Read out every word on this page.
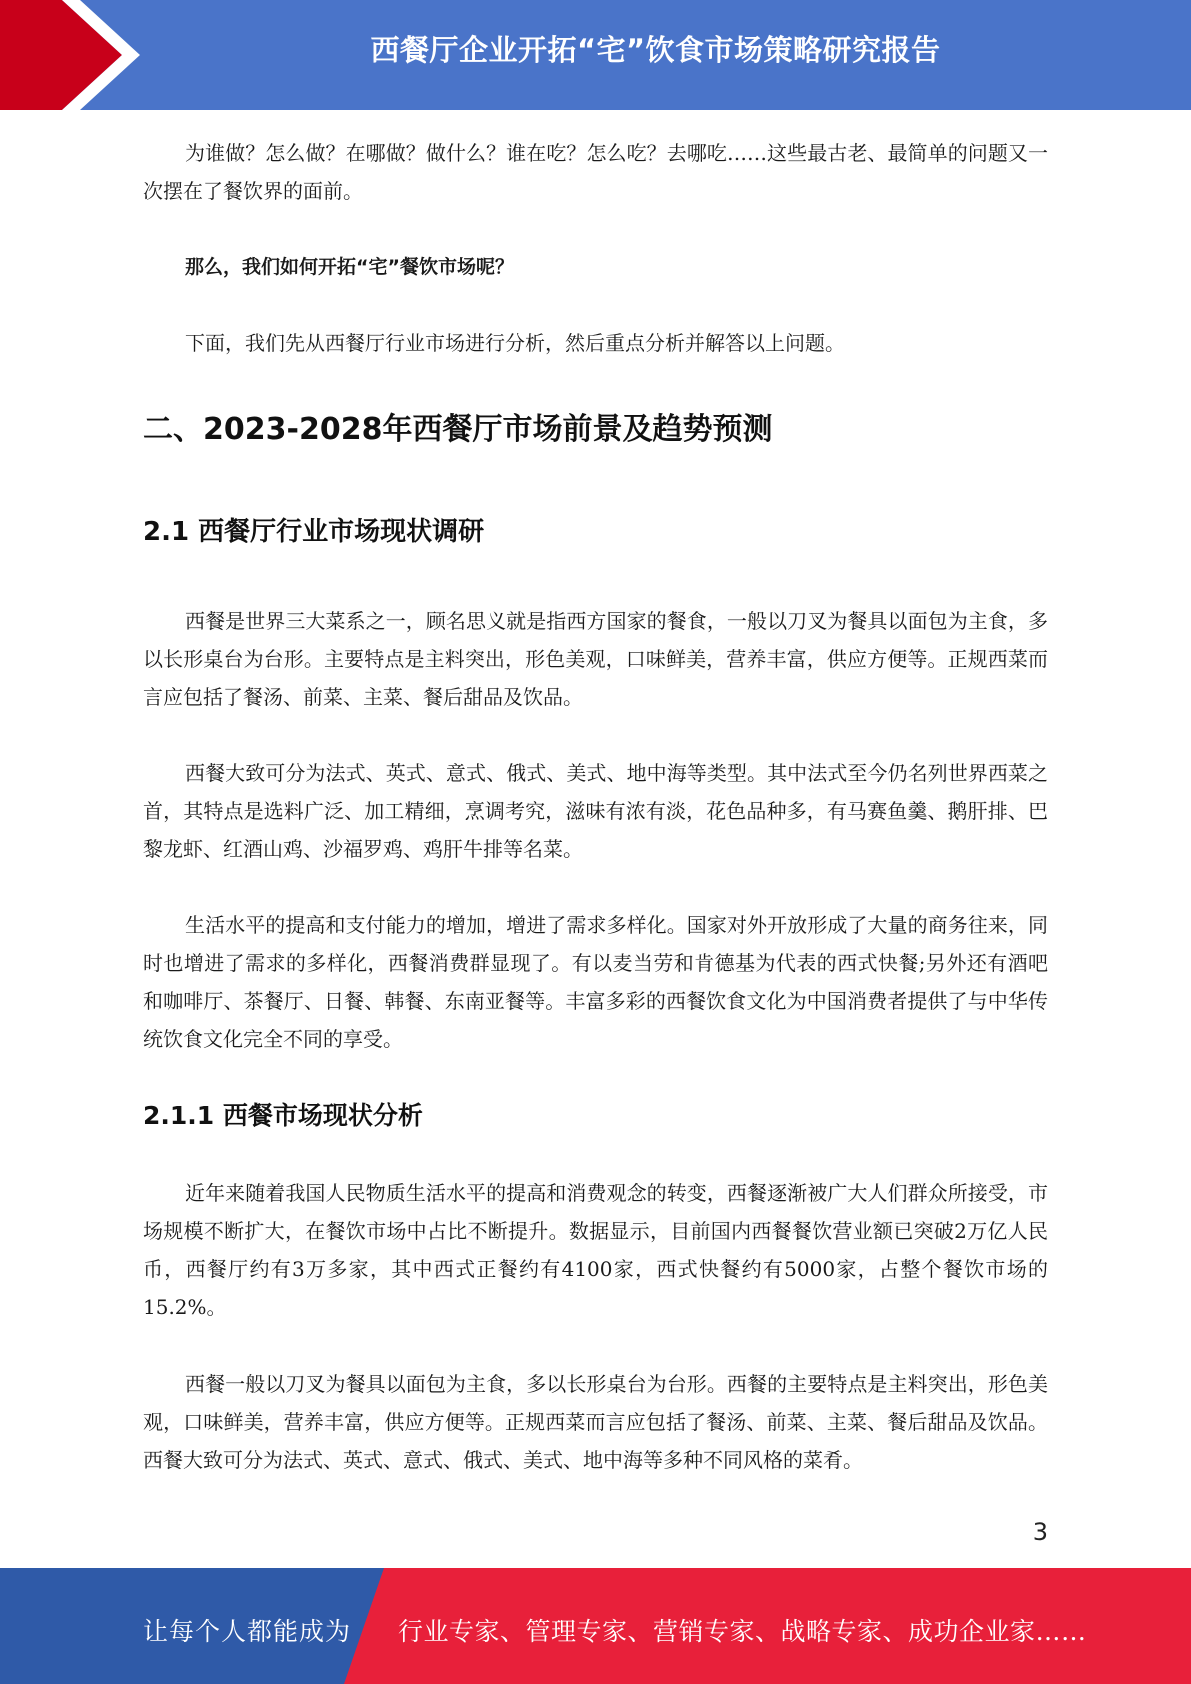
西餐厅企业开拓“宅”饮食市场策略研究报告

为谁做？怎么做？在哪做？做什么？谁在吃？怎么吃？去哪吃……这些最古老、最简单的问题又一次摆在了餐饮界的面前。

那么，我们如何开拓“宅”餐饮市场呢？

下面，我们先从西餐厅行业市场进行分析，然后重点分析并解答以上问题。

二、2023-2028年西餐厅市场前景及趋势预测
2.1 西餐厅行业市场现状调研

西餐是世界三大菜系之一，顾名思义就是指西方国家的餐食，一般以刀叉为餐具以面包为主食，多以长形桌台为台形。主要特点是主料突出，形色美观，口味鲜美，营养丰富，供应方便等。正规西菜而言应包括了餐汤、前菜、主菜、餐后甜品及饮品。

西餐大致可分为法式、英式、意式、俄式、美式、地中海等类型。其中法式至今仍名列世界西菜之首，其特点是选料广泛、加工精细，烹调考究，滋味有浓有淡，花色品种多，有马赛鱼羹、鹅肝排、巴黎龙虾、红酒山鸡、沙福罗鸡、鸡肝牛排等名菜。

生活水平的提高和支付能力的增加，增进了需求多样化。国家对外开放形成了大量的商务往来，同时也增进了需求的多样化，西餐消费群显现了。有以麦当劳和肯德基为代表的西式快餐;另外还有酒吧和咖啡厅、茶餐厅、日餐、韩餐、东南亚餐等。丰富多彩的西餐饮食文化为中国消费者提供了与中华传统饮食文化完全不同的享受。

2.1.1 西餐市场现状分析

近年来随着我国人民物质生活水平的提高和消费观念的转变，西餐逐渐被广大人们群众所接受，市场规模不断扩大，在餐饮市场中占比不断提升。数据显示，目前国内西餐餐饮营业额已突破2万亿人民币，西餐厅约有3万多家，其中西式正餐约有4100家，西式快餐约有5000家，占整个餐饮市场的15.2%。

西餐一般以刀叉为餐具以面包为主食，多以长形桌台为台形。西餐的主要特点是主料突出，形色美观，口味鲜美，营养丰富，供应方便等。正规西菜而言应包括了餐汤、前菜、主菜、餐后甜品及饮品。西餐大致可分为法式、英式、意式、俄式、美式、地中海等多种不同风格的菜肴。

3
让每个人都能成为 行业专家、管理专家、营销专家、战略专家、成功企业家……
